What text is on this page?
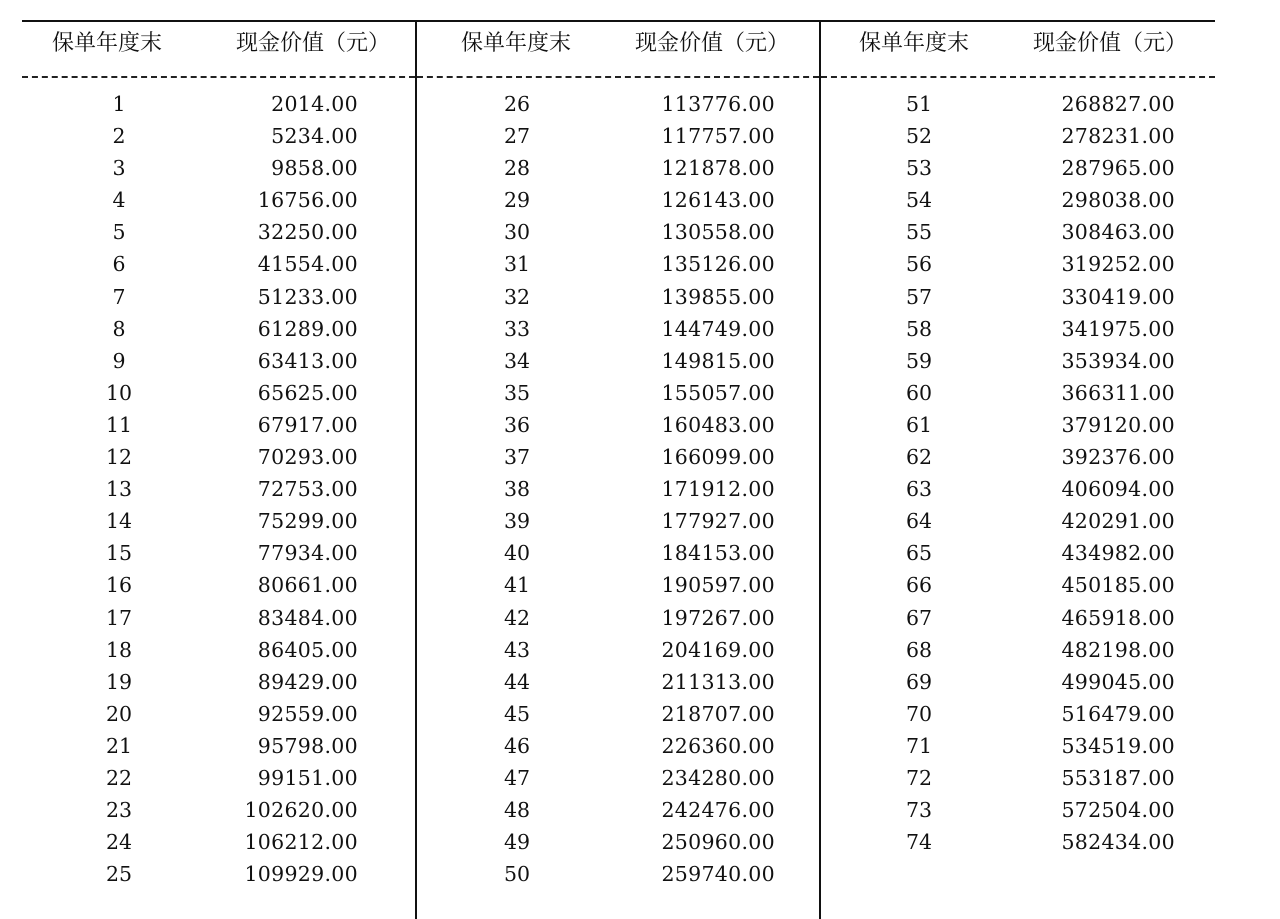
保单年度末	现金价值（元）
1	2014.00
2	5234.00
3	9858.00
4	16756.00
5	32250.00
6	41554.00
7	51233.00
8	61289.00
9	63413.00
10	65625.00
11	67917.00
12	70293.00
13	72753.00
14	75299.00
15	77934.00
16	80661.00
17	83484.00
18	86405.00
19	89429.00
20	92559.00
21	95798.00
22	99151.00
23	102620.00
24	106212.00
25	109929.00
保单年度末	现金价值（元）
26	113776.00
27	117757.00
28	121878.00
29	126143.00
30	130558.00
31	135126.00
32	139855.00
33	144749.00
34	149815.00
35	155057.00
36	160483.00
37	166099.00
38	171912.00
39	177927.00
40	184153.00
41	190597.00
42	197267.00
43	204169.00
44	211313.00
45	218707.00
46	226360.00
47	234280.00
48	242476.00
49	250960.00
50	259740.00
保单年度末	现金价值（元）
51	268827.00
52	278231.00
53	287965.00
54	298038.00
55	308463.00
56	319252.00
57	330419.00
58	341975.00
59	353934.00
60	366311.00
61	379120.00
62	392376.00
63	406094.00
64	420291.00
65	434982.00
66	450185.00
67	465918.00
68	482198.00
69	499045.00
70	516479.00
71	534519.00
72	553187.00
73	572504.00
74	582434.00
